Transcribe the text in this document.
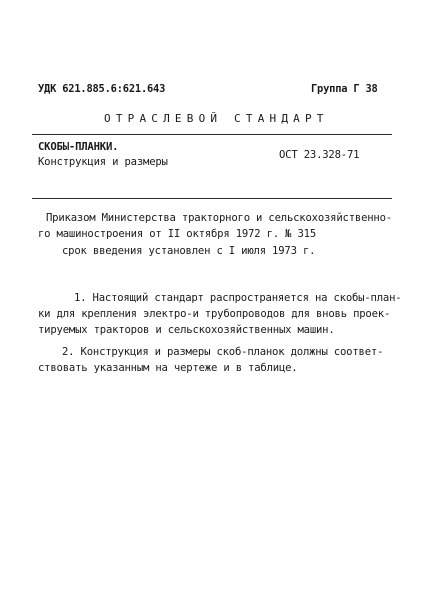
УДК 621.885.6:621.643	Группа Г 38
ОТРАСЛЕВОЙ СТАНДАРТ
СКОБЫ-ПЛАНКИ.
Конструкция и размеры
ОСТ 23.328-71
Приказом Министерства тракторного и сельскохозяйственно-
го машиностроения от II октября 1972 г. № 315
срок введения установлен с I июля 1973 г.
1. Настоящий стандарт распространяется на скобы-план-
ки для крепления электро-и трубопроводов для вновь проек-
тируемых тракторов и сельскохозяйственных машин.
2. Конструкция и размеры скоб-планок должны соответ-
ствовать указанным на чертеже и в таблице.
